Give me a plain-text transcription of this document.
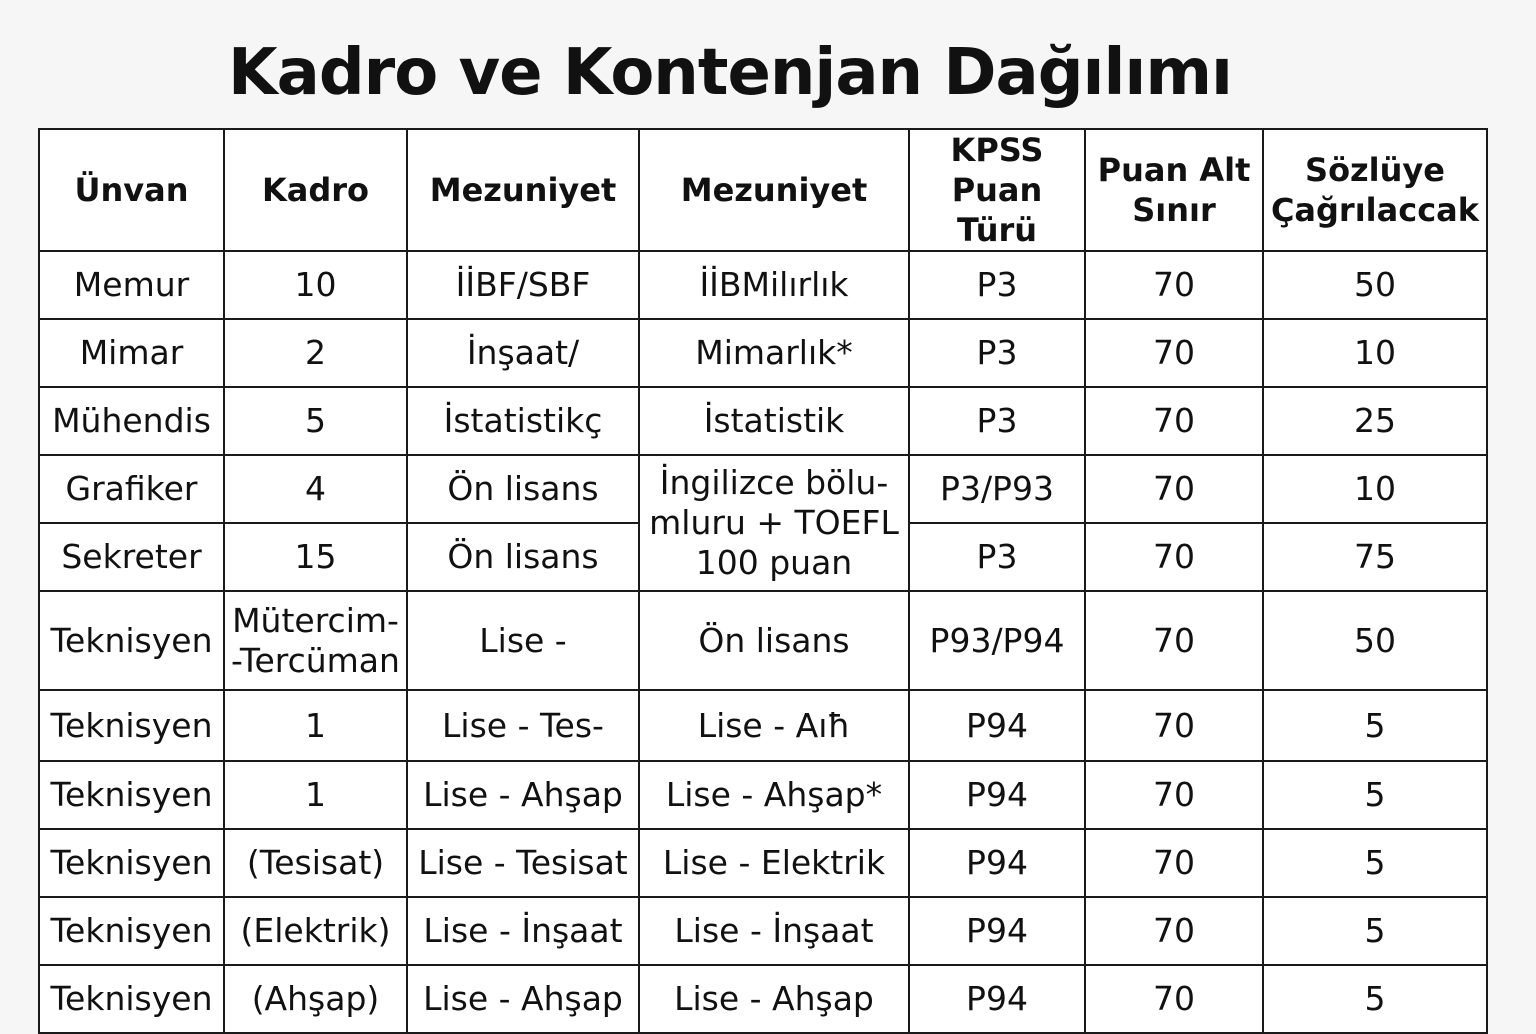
Kadro ve Kontenjan Dağılımı
Ünvan	Kadro	Mezuniyet	Mezuniyet	KPSS Puan Türü	Puan Alt Sınır	Sözlüye Çağrılaccak
Memur	10	İİBF/SBF	İİBMilırlık	P3	70	50
Mimar	2	İnşaat/	Mimarlık*	P3	70	10
Mühendis	5	İstatistikç	İstatistik	P3	70	25
Grafiker	4	Ön lisans	İngilizce bölu- mluru + TOEFL 100 puan	P3/P93	70	10
Sekreter	15	Ön lisans		P3	70	75
Teknisyen	Mütercim- -Tercüman	Lise -	Ön lisans	P93/P94	70	50
Teknisyen	1	Lise - Tes-	Lise - Aıħ	P94	70	5
Teknisyen	1	Lise - Ahşap	Lise - Ahşap*	P94	70	5
Teknisyen	(Tesisat)	Lise - Tesisat	Lise - Elektrik	P94	70	5
Teknisyen	(Elektrik)	Lise - İnşaat	Lise - İnşaat	P94	70	5
Teknisyen	(Ahşap)	Lise - Ahşap	Lise - Ahşap	P94	70	5
